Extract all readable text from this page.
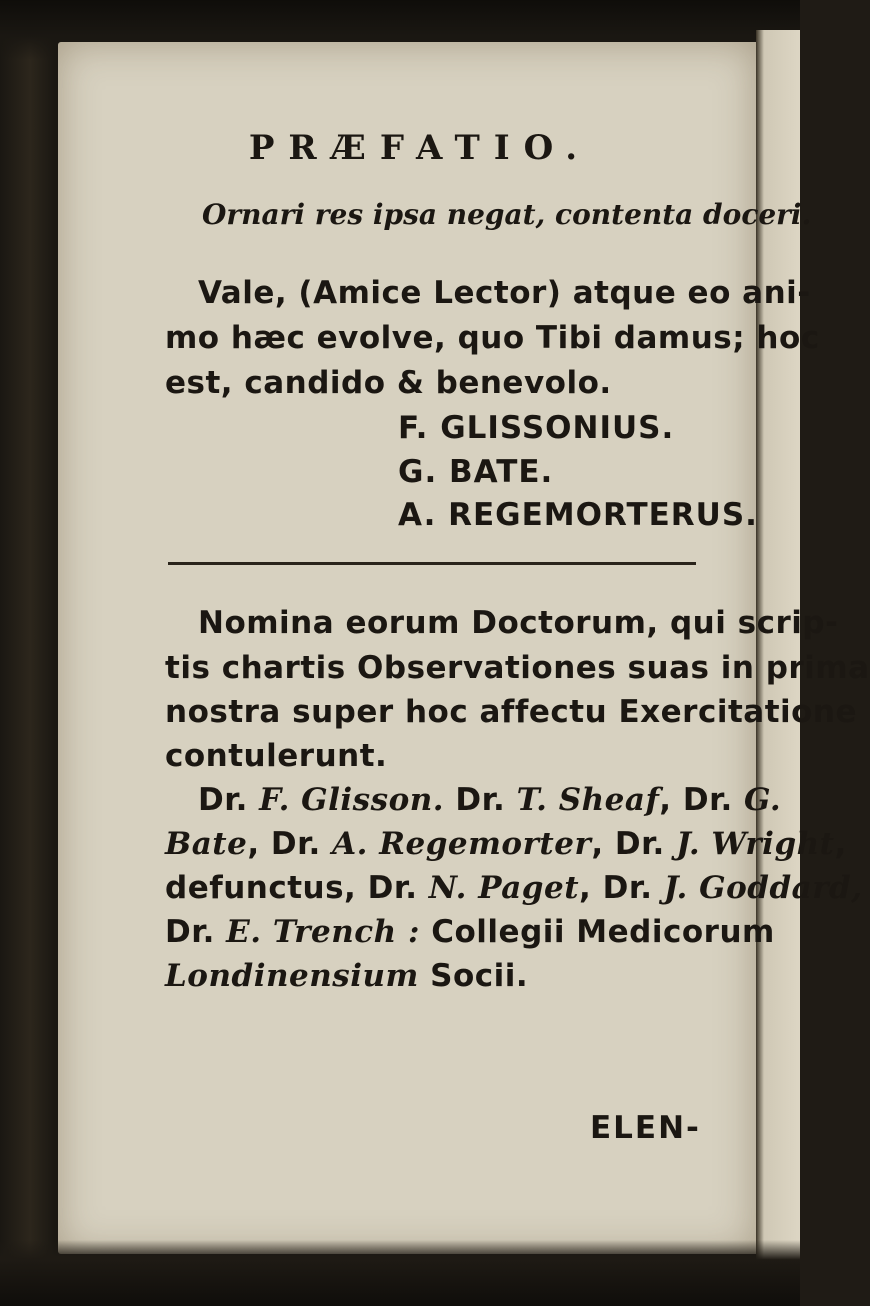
PRÆFATIO.
Ornari res ipsa negat, contenta doceri.
Vale, (Amice Lector) atque eo ani-
mo hæc evolve, quo Tibi damus; hoc
est, candido & benevolo.
F. GLISSONIUS.
G. BATE.
A. REGEMORTERUS.
Nomina eorum Doctorum, qui scrip-
tis chartis Observationes suas in prima
nostra super hoc affectu Exercitatione
contulerunt.
Dr. F. Glisson. Dr. T. Sheaf, Dr. G.
Bate, Dr. A. Regemorter, Dr. J. Wright,
defunctus, Dr. N. Paget, Dr. J. Goddard,
Dr. E. Trench : Collegii Medicorum
Londinensium Socii.
ELEN-
